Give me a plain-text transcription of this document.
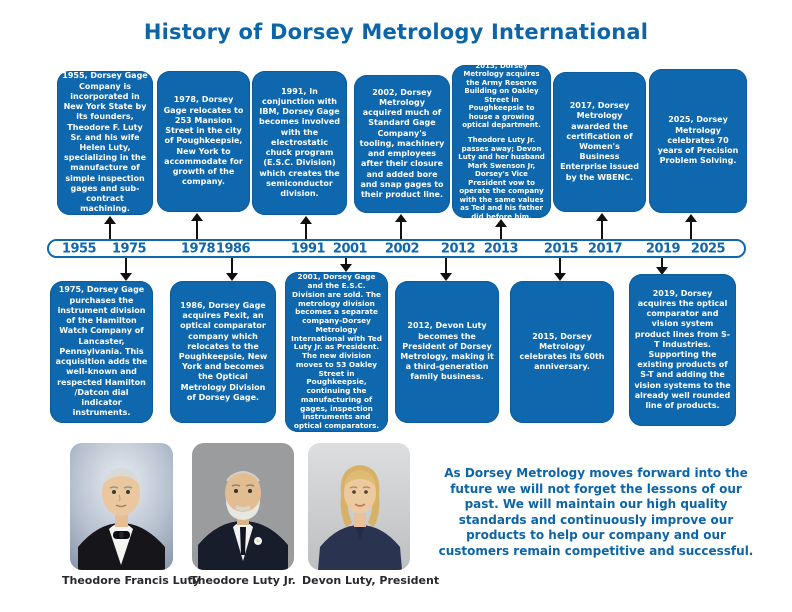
History of Dorsey Metrology International
1955, Dorsey Gage Company is incorporated in New York State by its founders, Theodore F. Luty Sr. and his wife Helen Luty, specializing in the manufacture of simple inspection gages and sub-contract machining.
1978, Dorsey Gage relocates to 253 Mansion Street in the city of Poughkeepsie, New York to accommodate for growth of the company.
1991, In conjunction with IBM, Dorsey Gage becomes involved with the electrostatic chuck program (E.S.C. Division) which creates the semiconductor division.
2002, Dorsey Metrology acquired much of Standard Gage Company's tooling, machinery and employees after their closure and added bore and snap gages to their product line.

2013, Dorsey Metrology acquires the Army Reserve Building on Oakley Street in Poughkeepsie to house a growing optical department.

Theodore Luty Jr. passes away; Devon Luty and her husband Mark Swenson Jr, Dorsey's Vice President vow to operate the company with the same values as Ted and his father did before him.

2017, Dorsey Metrology awarded the certification of Women's Business Enterprise issued by the WBENC.
2025, Dorsey Metrology celebrates 70 years of Precision Problem Solving.
1955 1975	1978 1986	1991 2001 2002 2012 2013 2015 2017 2019 2025
1975, Dorsey Gage purchases the instrument division of the Hamilton Watch Company of Lancaster, Pennsylvania. This acquisition adds the well-known and respected Hamilton /Datcon dial indicator instruments.
1986, Dorsey Gage acquires Pexit, an optical comparator company which relocates to the Poughkeepsie, New York and becomes the Optical Metrology Division of Dorsey Gage.
2001, Dorsey Gage and the E.S.C. Division are sold. The metrology division becomes a separate company-Dorsey Metrology International with Ted Luty Jr. as President. The new division moves to 53 Oakley Street in Poughkeepsie, continuing the manufacturing of gages, inspection instruments and optical comparators.
2012, Devon Luty becomes the President of Dorsey Metrology, making it a third-generation family business.
2015, Dorsey Metrology celebrates its 60th anniversary.
2019, Dorsey acquires the optical comparator and vision system product lines from S-T Industries. Supporting the existing products of S-T and adding the vision systems to the already well rounded line of products.
Theodore Francis Luty
Theodore Luty Jr. Devon Luty, President
As Dorsey Metrology moves forward into the future we will not forget the lessons of our past. We will maintain our high quality standards and continuously improve our products to help our company and our customers remain competitive and successful.
